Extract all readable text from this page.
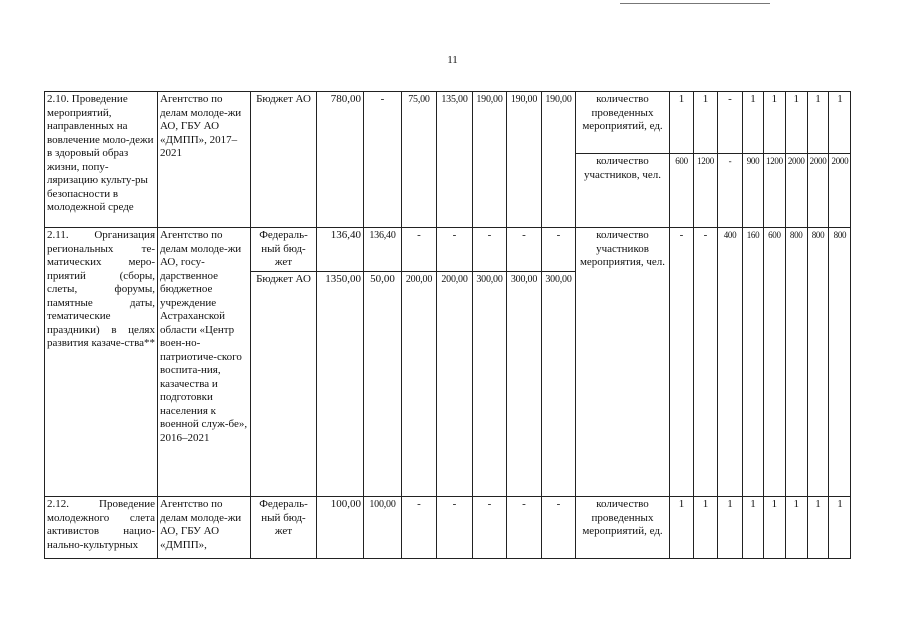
11
2.10. Проведение мероприятий, направленных на вовлечение моло-дежи в здоровый образ жизни, попу-ляризацию культу-ры безопасности в молодежной среде	Агентство по делам молоде-жи АО, ГБУ АО «ДМПП», 2017–2021	Бюджет АО	780,00	-	75,00	135,00	190,00	190,00	190,00	количество проведенных мероприятий, ед.	1	1	-	1	1	1	1	1
										количество участников, чел.	600	1200	-	900	1200	2000	2000	2000
2.11. Организация региональных те-матических меро-приятий (сборы, слеты, форумы, памятные даты, тематические праздники) в целях развития казаче-ства**	Агентство по делам молоде-жи АО, госу-дарственное бюджетное учреждение Астраханской области «Центр воен-но-патриотиче-ского воспита-ния, казачества и подготовки населения к военной служ-бе», 2016–2021	Федераль-ный бюд-жет	136,40	136,40	-	-	-	-	-	количество участников мероприятия, чел.	-	-	400	160	600	800	800	800
		Бюджет АО	1350,00	50,00	200,00	200,00	300,00	300,00	300,00									
2.12. Проведение молодежного слета активистов нацио-нально-культурных	Агентство по делам молоде-жи АО, ГБУ АО «ДМПП»,	Федераль-ный бюд-жет	100,00	100,00	-	-	-	-	-	количество проведенных мероприятий, ед.	1	1	1	1	1	1	1	1
